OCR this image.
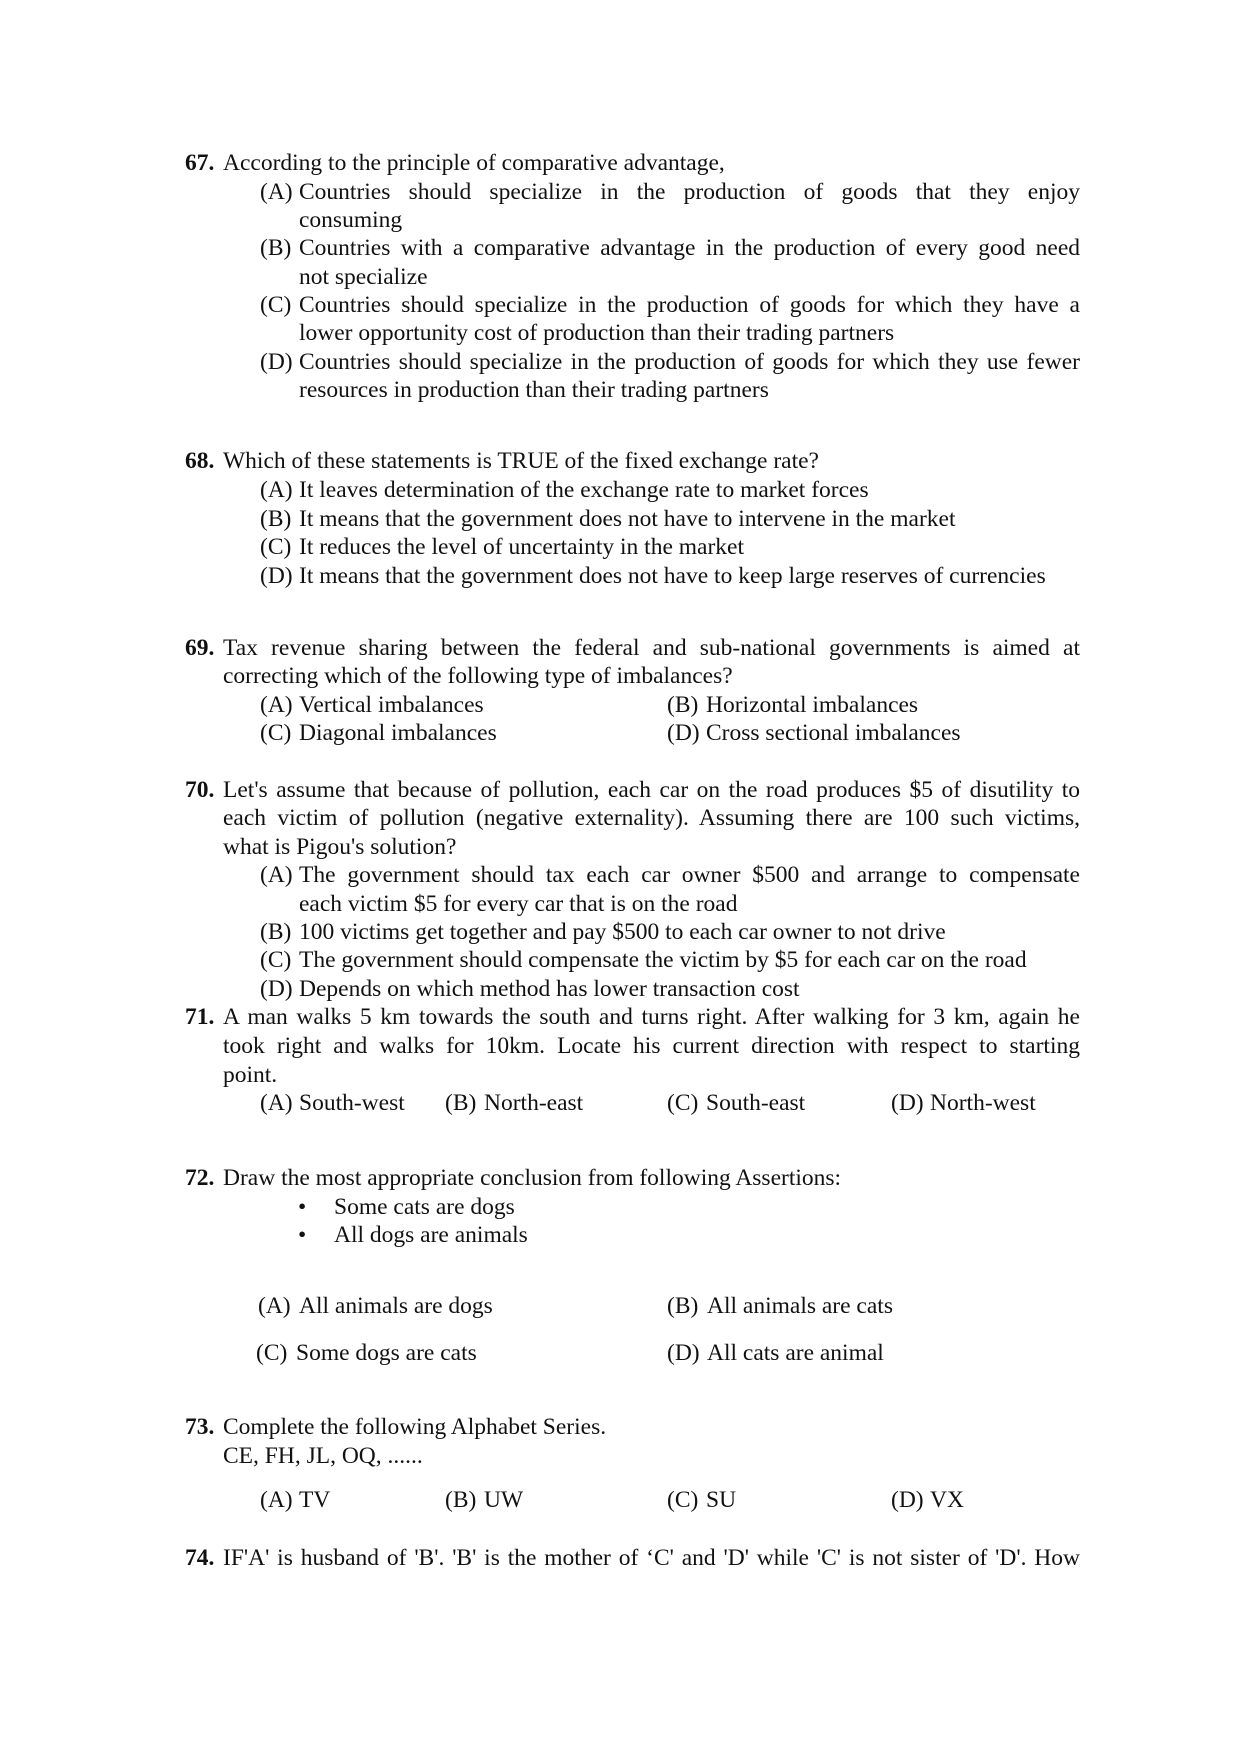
67. According to the principle of comparative advantage,
(A) Countries should specialize in the production of goods that they enjoy
consuming
(B) Countries with a comparative advantage in the production of every good need
not specialize
(C) Countries should specialize in the production of goods for which they have a
lower opportunity cost of production than their trading partners
(D) Countries should specialize in the production of goods for which they use fewer
resources in production than their trading partners
68. Which of these statements is TRUE of the fixed exchange rate?
(A) It leaves determination of the exchange rate to market forces
(B) It means that the government does not have to intervene in the market
(C) It reduces the level of uncertainty in the market
(D) It means that the government does not have to keep large reserves of currencies
69. Tax revenue sharing between the federal and sub-national governments is aimed at
correcting which of the following type of imbalances?
(A) Vertical imbalances	(B) Horizontal imbalances
(C) Diagonal imbalances	(D) Cross sectional imbalances
70. Let's assume that because of pollution, each car on the road produces $5 of disutility to
each victim of pollution (negative externality). Assuming there are 100 such victims,
what is Pigou's solution?
(A) The government should tax each car owner $500 and arrange to compensate
each victim $5 for every car that is on the road
(B) 100 victims get together and pay $500 to each car owner to not drive
(C) The government should compensate the victim by $5 for each car on the road
(D) Depends on which method has lower transaction cost
71. A man walks 5 km towards the south and turns right. After walking for 3 km, again he
took right and walks for 10km. Locate his current direction with respect to starting
point.
(A) South-west (B) North-east	(C) South-east	(D) North-west
72. Draw the most appropriate conclusion from following Assertions:
• Some cats are dogs
• All dogs are animals
(A) All animals are dogs	(B) All animals are cats
(C) Some dogs are cats	(D) All cats are animal
73. Complete the following Alphabet Series.
CE, FH, JL, OQ, ......
(A) TV	(B) UW	(C) SU	(D) VX
74. IF'A' is husband of 'B'. 'B' is the mother of ‘C' and 'D' while 'C' is not sister of 'D'. How
